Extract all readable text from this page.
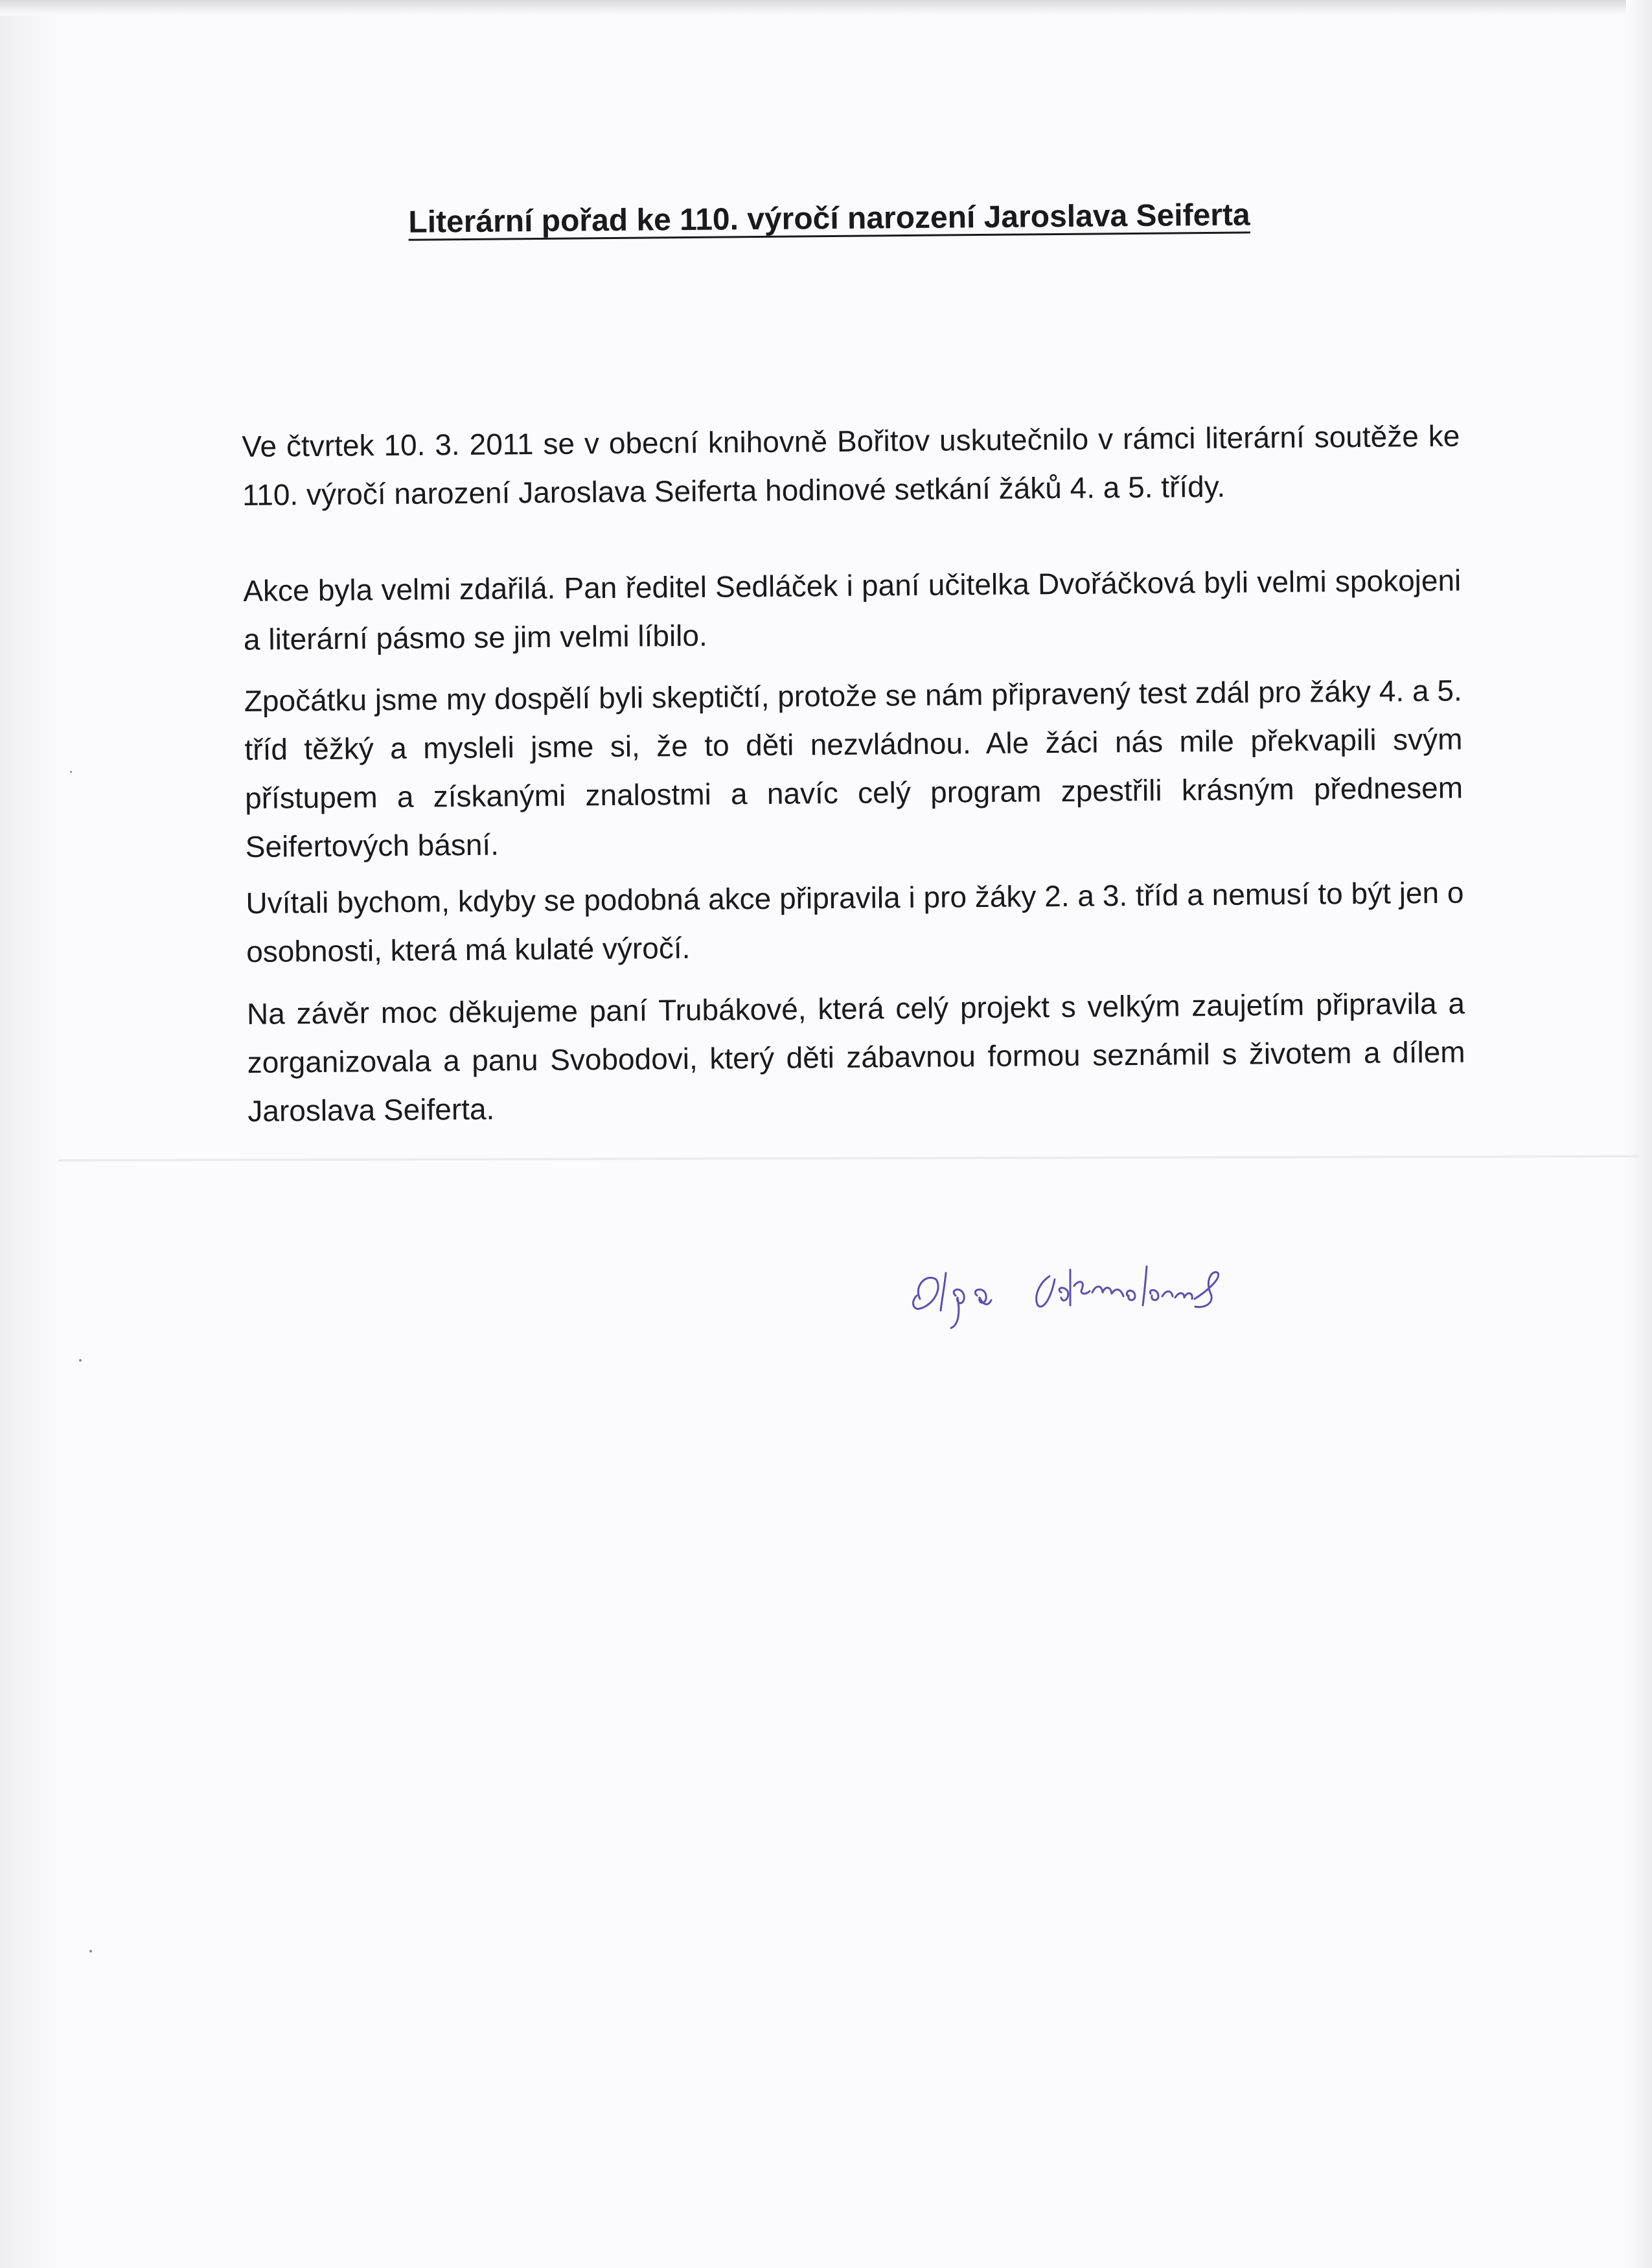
Literární pořad ke 110. výročí narození Jaroslava Seiferta

Ve čtvrtek 10. 3. 2011 se v obecní knihovně Bořitov uskutečnilo v rámci literární soutěže ke 110. výročí narození Jaroslava Seiferta hodinové setkání žáků 4. a 5. třídy.

Akce byla velmi zdařilá. Pan ředitel Sedláček i paní učitelka Dvořáčková byli velmi spokojeni a literární pásmo se jim velmi líbilo.

Zpočátku jsme my dospělí byli skeptičtí, protože se nám připravený test zdál pro žáky 4. a 5. tříd těžký a mysleli jsme si, že to děti nezvládnou. Ale žáci nás mile překvapili svým přístupem a získanými znalostmi a navíc celý program zpestřili krásným přednesem Seifertových básní.

Uvítali bychom, kdyby se podobná akce připravila i pro žáky 2. a 3. tříd a nemusí to být jen o osobnosti, která má kulaté výročí.

Na závěr moc děkujeme paní Trubákové, která celý projekt s velkým zaujetím připravila a zorganizovala a panu Svobodovi, který děti zábavnou formou seznámil s životem a dílem Jaroslava Seiferta.

Olga Vaňkmolová
